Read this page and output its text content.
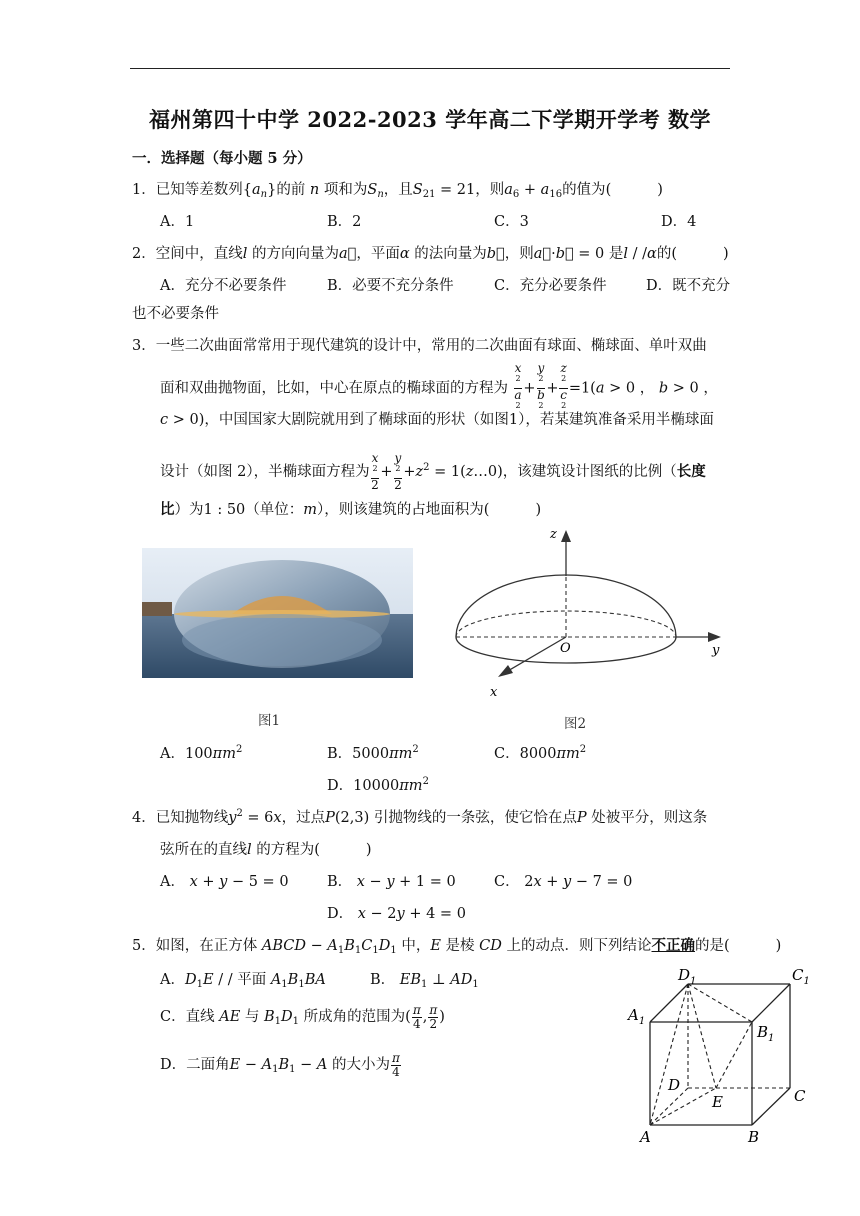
福州第四十中学 2022-2023 学年高二下学期开学考 数学
一．选择题（每小题 5 分）
1．已知等差数列$\{a_n\}$的前 n 项和为$S_n$，且$S_{21} = 21$，则$a_6 + a_{16}$的值为(	)
A．1	B．2	C．3	D．4
2．空间中，直线l 的方向向量为a⃗，平面α 的法向量为b⃗，则a⃗·b⃗ = 0 是l / /α的(	)
A．充分不必要条件	B．必要不充分条件	C．充分必要条件	D．既不充分
也不必要条件
3．一些二次曲面常常用于现代建筑的设计中，常用的二次曲面有球面、椭球面、单叶双曲
面和双曲抛物面，比如，中心在原点的椭球面的方程为 x
$^2$
a
$^2$ + y
$^2$
b
$^2$ + z
$^2$
c
$^2$ =1(a > 0 ， b > 0 ，
c > 0)，中国国家大剧院就用到了椭球面的形状（如图1），若某建筑准备采用半椭球面
设计（如图 2），半椭球面方程为 x
$^2$
2 + y
$^2$
$2 +z^2$ = 1(z…0)，该建筑设计图纸的比例（长度
比）为1 : 50（单位：m），则该建筑的占地面积为(	)
图1
z
y
x
O
图2
A．$100\pi m^2$	B．$5000\pi m^2$	C．$8000\pi m^2$
D．$10000\pi m^2$
4．已知抛物线$y^2 = 6x$，过点P(2,3) 引抛物线的一条弦，使它恰在点P 处被平分，则这条
弦所在的直线l 的方程为(	)
A． x + y − 5 = 0	B． x − y + 1 = 0	C． 2x + y − 7 = 0
D． x − 2y + 4 = 0
5．如图，在正方体 ABCD − $A_1B_1C_1D_1$ 中，E 是棱 CD 上的动点．则下列结论不正确的是(	)
A．$D_1E$ / / 平面 $A_1B_1BA$	B． $EB_1$ ⊥ $AD_1$
C．直线 AE 与 $B_1D_1$ 所成角的范围为( $\frac{\pi}{4}$ , $\frac{\pi}{2}$ )
D．二面角$E - A_1B_1 - A$ 的大小为 $\frac{\pi}{4}$
$D_1$	$C_1$
$A_1$
$B_1$
D
C
A	B
E
